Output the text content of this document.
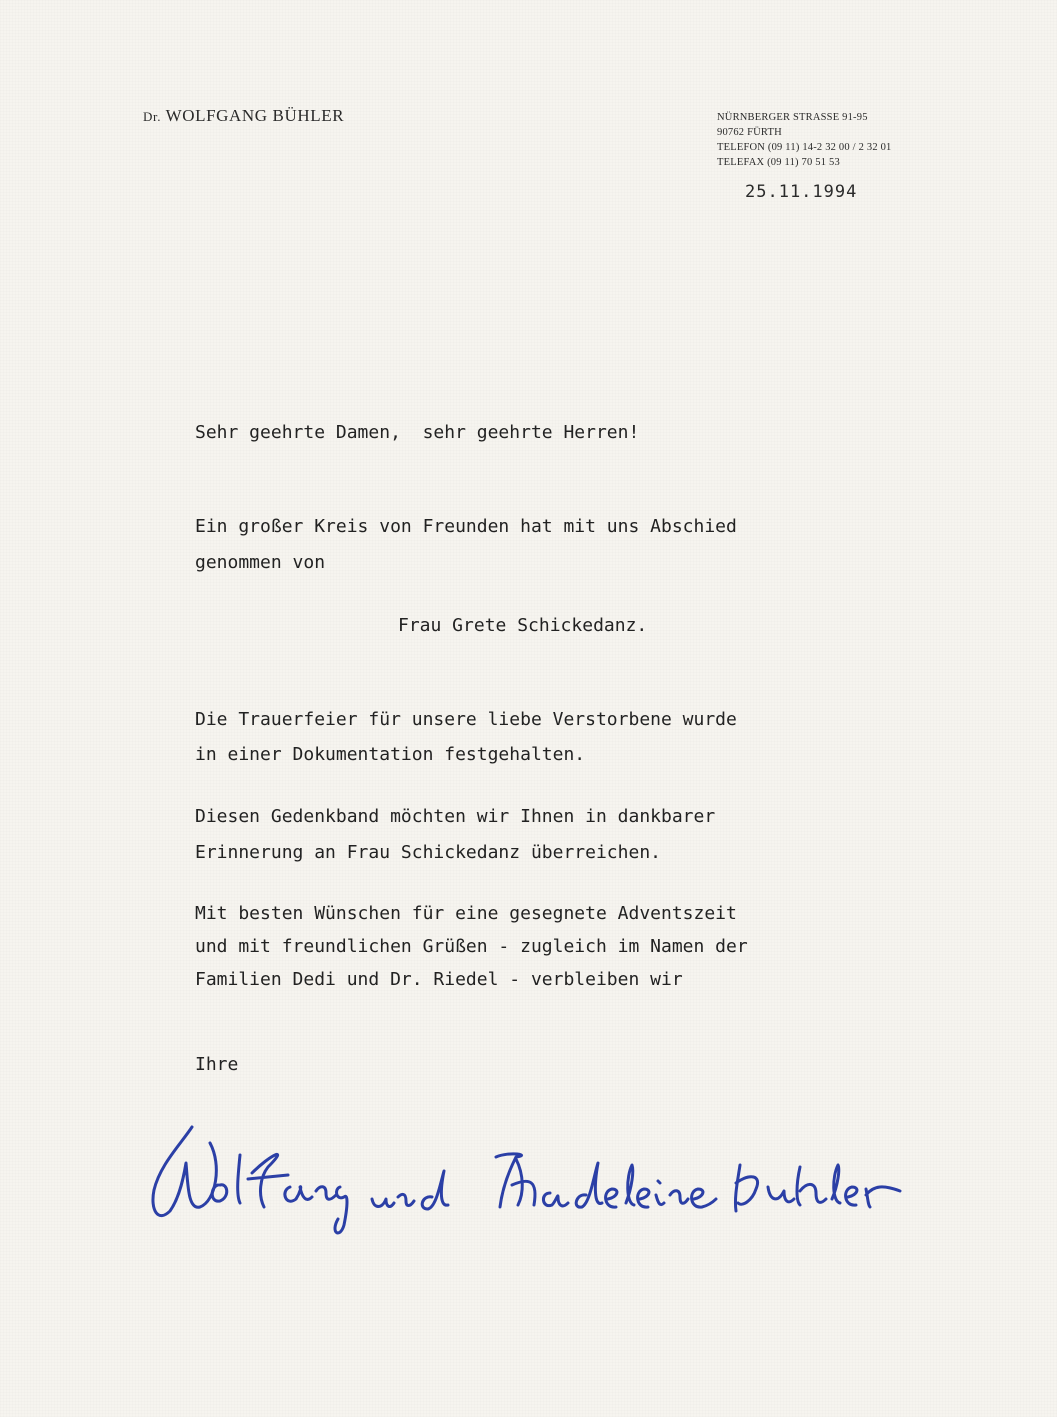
Dr. WOLFGANG BÜHLER	NÜRNBERGER STRASSE 91-95
90762 FÜRTH
TELEFON (09 11) 14-2 32 00 / 2 32 01
TELEFAX (09 11) 70 51 53
25.11.1994
Sehr geehrte Damen,  sehr geehrte Herren!
Ein großer Kreis von Freunden hat mit uns Abschied
genommen von
Frau Grete Schickedanz.
Die Trauerfeier für unsere liebe Verstorbene wurde
in einer Dokumentation festgehalten.
Diesen Gedenkband möchten wir Ihnen in dankbarer
Erinnerung an Frau Schickedanz überreichen.
Mit besten Wünschen für eine gesegnete Adventszeit
und mit freundlichen Grüßen - zugleich im Namen der
Familien Dedi und Dr. Riedel - verbleiben wir
Ihre
